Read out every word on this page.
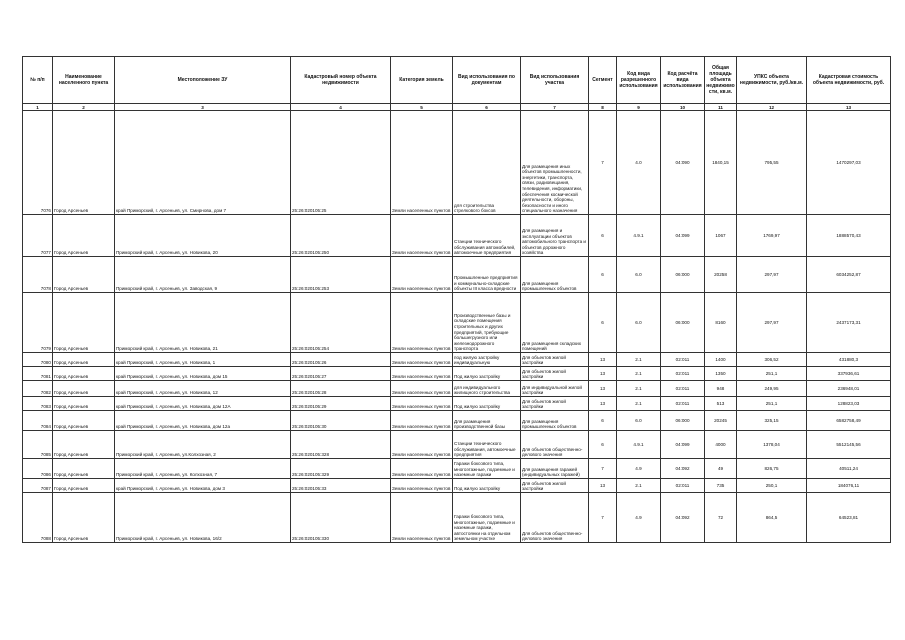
№ п/п	Наименование населенного пункта	Местоположение ЗУ	Кадастровый номер объекта недвижимости	Категория земель	Вид использования по документам	Вид использования участка	Сегмент	Код вида разрешенного использования	Код расчёта вида использования	Общая площадь объекта недвижимости, кв.м.	УПКС объекта недвижимости, руб./кв.м.	Кадастровая стоимость объекта недвижимости, руб.
1	2	3	4	5	6	7	8	9	10	11	12	13
7076	Город Арсеньев	край Приморский, г. Арсеньев, ул. Смирнова, дом 7	25:26:020105:25	Земли населенных пунктов	для строительства стрелкового боксов	Для размещения иных объектов промышленности, энергетики, транспорта, связи, радиовещания, телевидения, информатики, обеспечения космической деятельности, обороны, безопасности и иного специального назначения	7	4.0	04:090	1840,15	795,55	1470297,03
7077	Город Арсеньев	Приморский край, г. Арсеньев, ул. Новикова, 20	25:26:020105:250	Земли населенных пунктов	Станции технического обслуживания автомобилей, автомоечные предприятия	Для размещения и эксплуатации объектов автомобильного транспорта и объектов дорожного хозяйства	6	4.9.1	04:099	1067	1769,97	1888570,43
7078	Город Арсеньев	Приморский край, г. Арсеньев, ул. Заводская, 9	25:26:020105:253	Земли населенных пунктов	Промышленные предприятия и коммунально-складские объекты III класса вредности	Для размещения промышленных объектов	6	6.0	06:000	20258	297,97	6034252,87
7079	Город Арсеньев	Приморский край, г. Арсеньев, ул. Новикова, 21	25:26:020105:254	Земли населенных пунктов	Производственные базы и складские помещения строительных и других предприятий, требующие большегрузного или железнодорожного транспорта	Для размещения складских помещений	6	6.0	06:000	8160	297,97	2437173,31
7080	Город Арсеньев	край Приморский, г. Арсеньев, ул. Новикова, 1	25:26:020105:26	Земли населенных пунктов	под жилую застройку индивидуальную	Для объектов жилой застройки	13	2.1	02:011	1400	306,52	431880,3
7081	Город Арсеньев	край Приморский, г. Арсеньев, ул. Новикова, дом 15	25:26:020105:27	Земли населенных пунктов	Под жилую застройку	Для объектов жилой застройки	13	2.1	02:011	1350	251,1	337936,61
7082	Город Арсеньев	край Приморский, г. Арсеньев, ул. Новикова, 12	25:26:020105:28	Земли населенных пунктов	для индивидуального жилищного строительства	Для индивидуальной жилой застройки	13	2.1	02:011	948	249,95	236948,01
7083	Город Арсеньев	край Приморский, г. Арсеньев, ул. Новикова, дом 12А	25:26:020105:29	Земли населенных пунктов	Под жилую застройку	Для объектов жилой застройки	13	2.1	02:011	513	251,1	128823,03
7084	Город Арсеньев	край Приморский, г. Арсеньев, ул. Новикова, дом 12а	25:26:020105:30	Земли населенных пунктов	Для размещения производственной базы	Для размещения промышленных объектов	6	6.0	06:000	20245	325,15	6582758,49
7085	Город Арсеньев	Приморский край, г. Арсеньев, ул.Колхозная, 2	25:26:020105:328	Земли населенных пунктов	Станции технического обслуживания, автомоечные предприятия	Для объектов общественно-делового значения	6	4.9.1	04:099	4000	1378,04	5512145,56
7086	Город Арсеньев	Приморский край, г. Арсеньев, ул. Колхозная, 7	25:26:020105:329	Земли населенных пунктов	Гаражи боксового типа, многоэтажные, подземные и наземные гаражи	Для размещения гаражей (индивидуальных гаражей)	7	4.9	04:092	49	826,75	40511,24
7087	Город Арсеньев	край Приморский, г. Арсеньев, ул. Новикова, дом 3	25:26:020105:33	Земли населенных пунктов	Под жилую застройку	Для объектов жилой застройки	13	2.1	02:011	735	250,1	184076,11
7088	Город Арсеньев	Приморский край, г. Арсеньев, ул. Новикова, 16/2	25:26:020105:330	Земли населенных пунктов	Гаражи боксового типа, многоэтажные, подземные и наземные гаражи, автостоянки на отдельном земельном участке	Для объектов общественно-делового значения	7	4.9	04:092	72	864,5	64523,81
